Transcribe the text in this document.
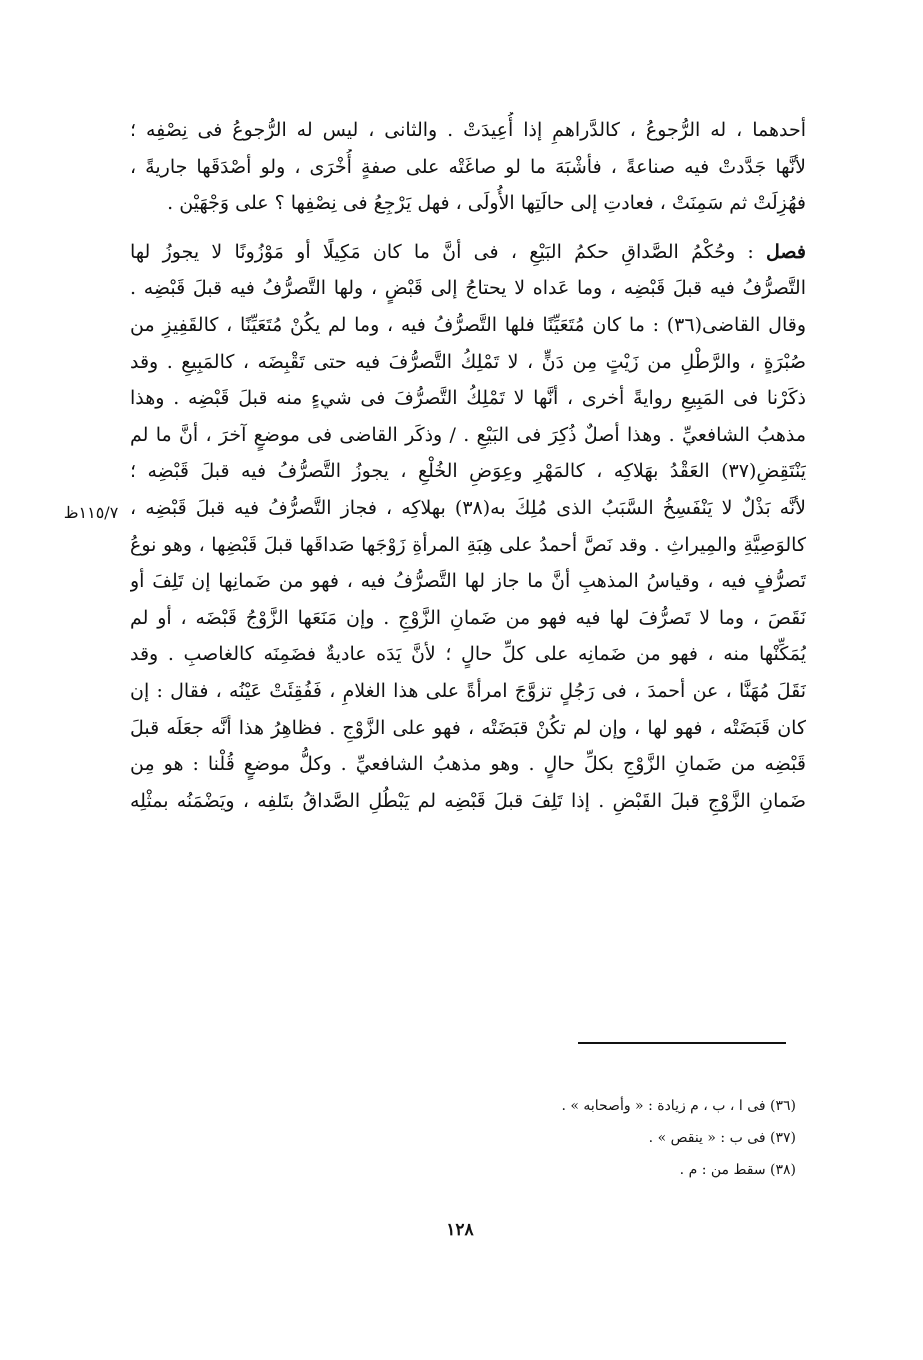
أحدهما ، له الرُّجوعُ ، كالدَّراهمِ إذا أُعِيدَتْ . والثانى ، ليس له الرُّجوعُ فى نِصْفِه ؛
لأنَّها جَدَّدتْ فيه صناعةً ، فأشْبَهَ ما لو صاغَتْه على صفةٍ أُخْرَى ، ولو أصْدَقَها جاريةً ،
فهُزِلَتْ ثم سَمِنَتْ ، فعادتِ إلى حالَتِها الأُولَى ، فهل يَرْجِعُ فى نِصْفِها ؟ على وَجْهَيْن .
فصل : وحُكْمُ الصَّداقِ حكمُ البَيْعِ ، فى أنَّ ما كان مَكِيلًا أو مَوْزُونًا لا يجوزُ لها
التَّصرُّفُ فيه قبلَ قَبْضِه ، وما عَداه لا يحتاجُ إلى قَبْضٍ ، ولها التَّصرُّفُ فيه قبلَ قَبْضِه .
وقال القاضى(٣٦) : ما كان مُتَعَيِّنًا فلها التَّصرُّفُ فيه ، وما لم يكُنْ مُتَعَيِّنًا ، كالقَفِيزِ من
صُبْرَةٍ ، والرَّطْلِ من زَيْتٍ مِن دَنٍّ ، لا تَمْلِكُ التَّصرُّفَ فيه حتى تَقْبِضَه ، كالمَبِيعِ . وقد
ذكَرْنا فى المَبِيعِ روايةً أخرى ، أنَّها لا تَمْلِكُ التَّصرُّفَ فى شيءٍ منه قبلَ قَبْضِه . وهذا
مذهبُ الشافعيِّ . وهذا أصلٌ ذُكِرَ فى البَيْعِ . / وذكَر القاضى فى موضعٍ آخرَ ، أنَّ ما لم
يَنْتَقِضِ(٣٧) العَقْدُ بهَلاكِه ، كالمَهْرِ وعِوَضِ الخُلْعِ ، يجوزُ التَّصرُّفُ فيه قبلَ قَبْضِه ؛
لأنَّه بَذْلٌ لا يَنْفَسِخُ السَّبَبُ الذى مُلِكَ به(٣٨) بهلاكِه ، فجاز التَّصرُّفُ فيه قبلَ قَبْضِه ،
كالوَصِيَّةِ والمِيراثِ . وقد نَصَّ أحمدُ على هِبَةِ المرأةِ زَوْجَها صَداقَها قبلَ قَبْضِها ، وهو نوعُ
تَصرُّفٍ فيه ، وقياسُ المذهبِ أنَّ ما جاز لها التَّصرُّفُ فيه ، فهو من ضَمانِها إن تَلِفَ أو
نَقَصَ ، وما لا تَصرُّفَ لها فيه فهو من ضَمانِ الزَّوْجِ . وإن مَنَعَها الزَّوْجُ قَبْضَه ، أو لم
يُمَكِّنْها منه ، فهو من ضَمانِه على كلِّ حالٍ ؛ لأنَّ يَدَه عاديةٌ فضَمِنَه كالغاصبِ . وقد
نَقَلَ مُهَنَّا ، عن أحمدَ ، فى رَجُلٍ تزوَّجَ امرأةً على هذا الغلامِ ، فَفُقِئَتْ عَيْنُه ، فقال : إن
كان قَبَضَتْه ، فهو لها ، وإن لم تكُنْ قبَضَتْه ، فهو على الزَّوْجِ . فظاهِرُ هذا أنَّه جعَلَه قبلَ
قَبْضِه من ضَمانِ الزَّوْجِ بكلِّ حالٍ . وهو مذهبُ الشافعيِّ . وكلُّ موضعٍ قُلْنا : هو مِن
ضَمانِ الزَّوْجِ قبلَ القَبْضِ . إذا تَلِفَ قبلَ قَبْضِه لم يَبْطُلِ الصَّداقُ بتَلفِه ، ويَضْمَنُه بمثْلِه
١١٥/٧ظ
(٣٦) فى ا ، ب ، م زيادة : « وأصحابه » .
(٣٧) فى ب : « ينقص » .
(٣٨) سقط من : م .
١٢٨
